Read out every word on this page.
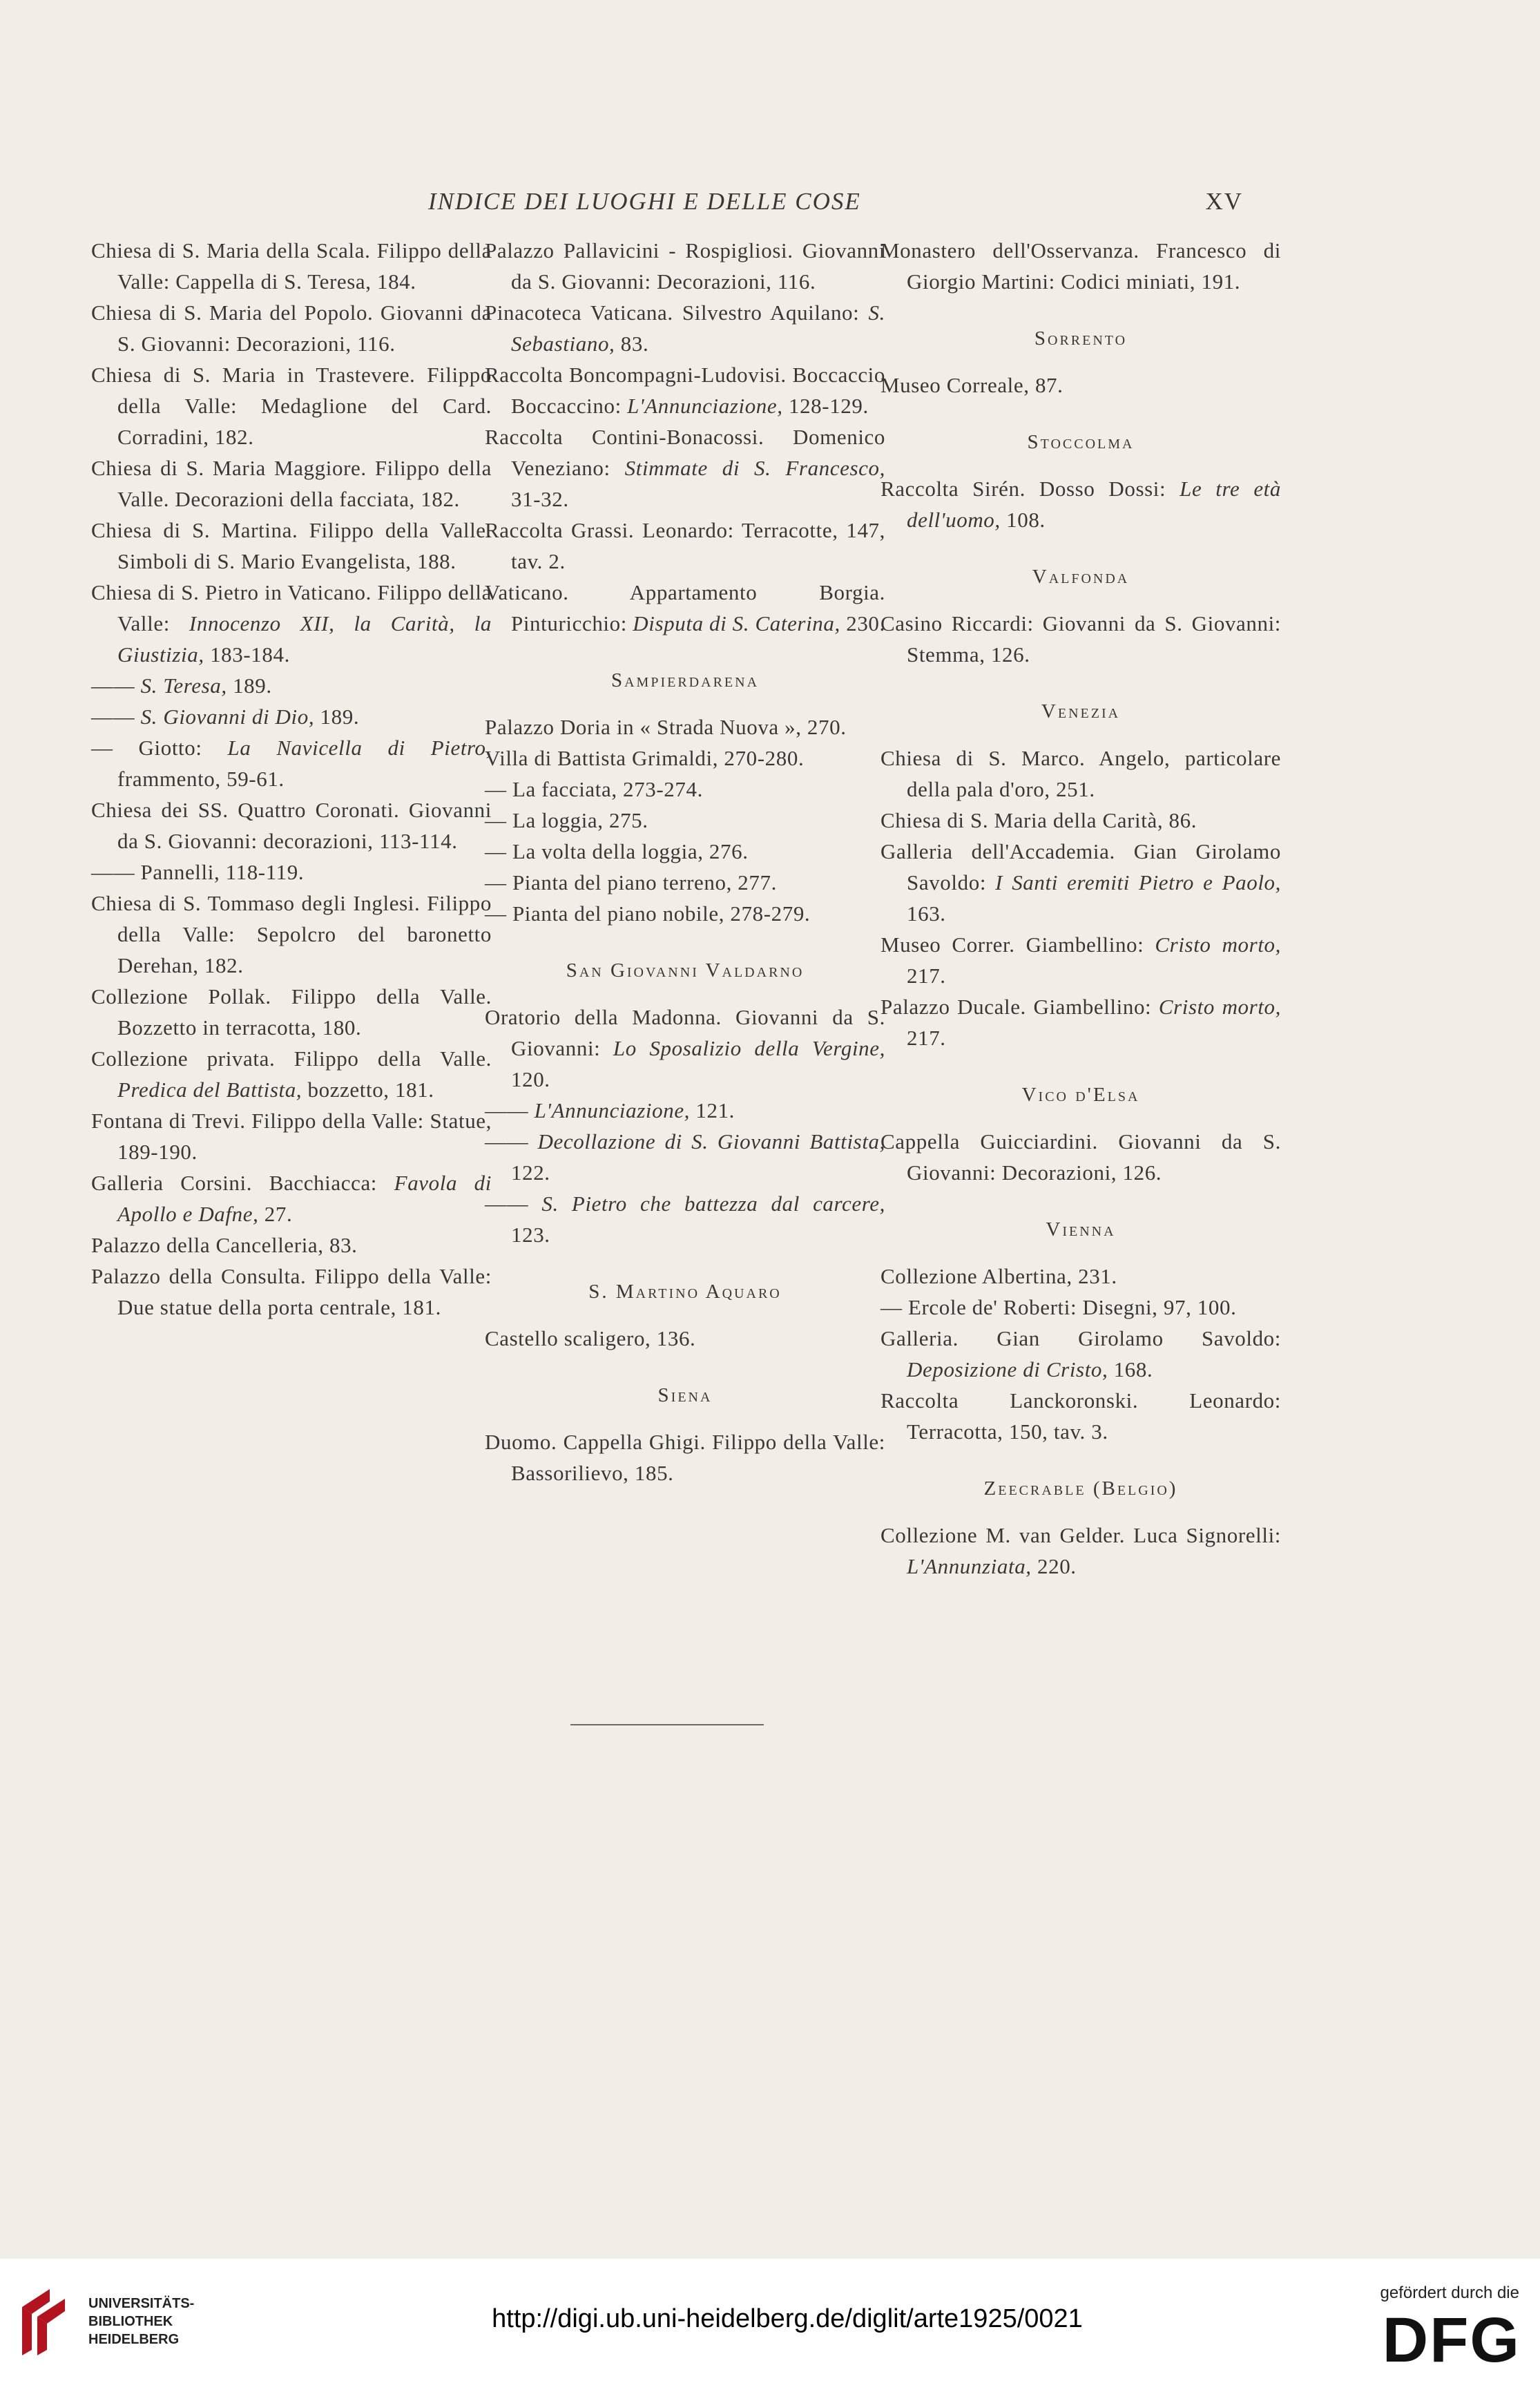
INDICE DEI LUOGHI E DELLE COSE	XV
Chiesa di S. Maria della Scala. Filippo della Valle: Cappella di S. Teresa, 184.
Chiesa di S. Maria del Popolo. Giovanni da S. Giovanni: Decorazioni, 116.
Chiesa di S. Maria in Trastevere. Filippo della Valle: Medaglione del Card. Corradini, 182.
Chiesa di S. Maria Maggiore. Filippo della Valle. Decorazioni della facciata, 182.
Chiesa di S. Martina. Filippo della Valle. Simboli di S. Mario Evangelista, 188.
Chiesa di S. Pietro in Vaticano. Filippo della Valle: Innocenzo XII, la Carità, la Giustizia, 183-184.
—— S. Teresa, 189.
—— S. Giovanni di Dio, 189.
— Giotto: La Navicella di Pietro, frammento, 59-61.
Chiesa dei SS. Quattro Coronati. Giovanni da S. Giovanni: decorazioni, 113-114.
—— Pannelli, 118-119.
Chiesa di S. Tommaso degli Inglesi. Filippo della Valle: Sepolcro del baronetto Derehan, 182.
Collezione Pollak. Filippo della Valle. Bozzetto in terracotta, 180.
Collezione privata. Filippo della Valle. Predica del Battista, bozzetto, 181.
Fontana di Trevi. Filippo della Valle: Statue, 189-190.
Galleria Corsini. Bacchiacca: Favola di Apollo e Dafne, 27.
Palazzo della Cancelleria, 83.
Palazzo della Consulta. Filippo della Valle: Due statue della porta centrale, 181.
Palazzo Pallavicini - Rospigliosi. Giovanni da S. Giovanni: Decorazioni, 116.
Pinacoteca Vaticana. Silvestro Aquilano: S. Sebastiano, 83.
Raccolta Boncompagni-Ludovisi. Boccaccio Boccaccino: L'Annunciazione, 128-129.
Raccolta Contini-Bonacossi. Domenico Veneziano: Stimmate di S. Francesco, 31-32.
Raccolta Grassi. Leonardo: Terracotte, 147, tav. 2.
Vaticano. Appartamento Borgia. Pinturicchio: Disputa di S. Caterina, 230.
Sampierdarena
Palazzo Doria in « Strada Nuova », 270.
Villa di Battista Grimaldi, 270-280.
— La facciata, 273-274.
— La loggia, 275.
— La volta della loggia, 276.
— Pianta del piano terreno, 277.
— Pianta del piano nobile, 278-279.
San Giovanni Valdarno
Oratorio della Madonna. Giovanni da S. Giovanni: Lo Sposalizio della Vergine, 120.
—— L'Annunciazione, 121.
—— Decollazione di S. Giovanni Battista, 122.
—— S. Pietro che battezza dal carcere, 123.
S. Martino Aquaro
Castello scaligero, 136.
Siena
Duomo. Cappella Ghigi. Filippo della Valle: Bassorilievo, 185.
Monastero dell'Osservanza. Francesco di Giorgio Martini: Codici miniati, 191.
Sorrento
Museo Correale, 87.
Stoccolma
Raccolta Sirén. Dosso Dossi: Le tre età dell'uomo, 108.
Valfonda
Casino Riccardi: Giovanni da S. Giovanni: Stemma, 126.
Venezia
Chiesa di S. Marco. Angelo, particolare della pala d'oro, 251.
Chiesa di S. Maria della Carità, 86.
Galleria dell'Accademia. Gian Girolamo Savoldo: I Santi eremiti Pietro e Paolo, 163.
Museo Correr. Giambellino: Cristo morto, 217.
Palazzo Ducale. Giambellino: Cristo morto, 217.
Vico d'Elsa
Cappella Guicciardini. Giovanni da S. Giovanni: Decorazioni, 126.
Vienna
Collezione Albertina, 231.
— Ercole de' Roberti: Disegni, 97, 100.
Galleria. Gian Girolamo Savoldo: Deposizione di Cristo, 168.
Raccolta Lanckoronski. Leonardo: Terracotta, 150, tav. 3.
Zeecrable (Belgio)
Collezione M. van Gelder. Luca Signorelli: L'Annunziata, 220.
UNIVERSITÄTS-
BIBLIOTHEK
HEIDELBERG
http://digi.ub.uni-heidelberg.de/diglit/arte1925/0021
gefördert durch die
DFG
